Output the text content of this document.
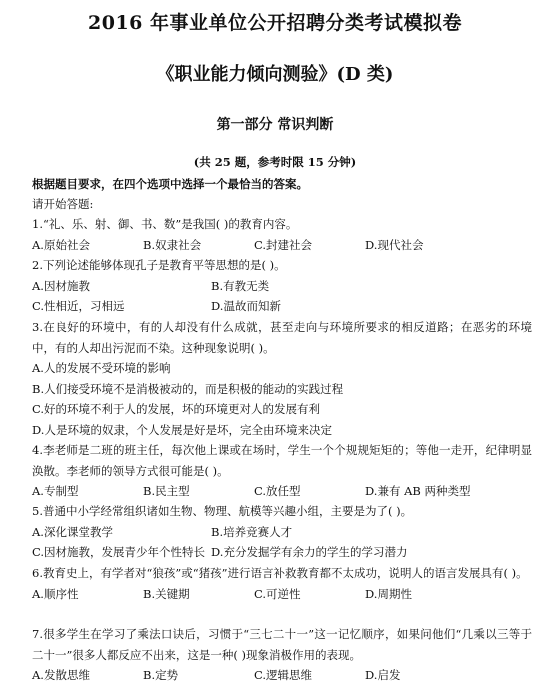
2016 年事业单位公开招聘分类考试模拟卷
《职业能力倾向测验》(D 类)
第一部分 常识判断
(共 25 题，参考时限 15 分钟)
根据题目要求，在四个选项中选择一个最恰当的答案。
请开始答题:

1.“礼、乐、射、御、书、数”是我国( )的教育内容。

A.原始社会	B.奴隶社会	C.封建社会	D.现代社会

2.下列论述能够体现孔子是教育平等思想的是( )。

A.因材施教	B.有教无类
C.性相近，习相远	D.温故而知新

3.在良好的环境中，有的人却没有什么成就，甚至走向与环境所要求的相反道路；在恶劣的环境中，有的人却出污泥而不染。这种现象说明( )。

A.人的发展不受环境的影响
B.人们接受环境不是消极被动的，而是积极的能动的实践过程
C.好的环境不利于人的发展，坏的环境更对人的发展有利
D.人是环境的奴隶，个人发展是好是坏，完全由环境来决定

4.李老师是二班的班主任，每次他上课或在场时，学生一个个规规矩矩的；等他一走开，纪律明显涣散。李老师的领导方式很可能是( )。

A.专制型	B.民主型	C.放任型	D.兼有 AB 两种类型

5.普通中小学经常组织诸如生物、物理、航模等兴趣小组，主要是为了( )。

A.深化课堂教学	B.培养竞赛人才
C.因材施教，发展青少年个性特长 D.充分发掘学有余力的学生的学习潜力

6.教育史上，有学者对“狼孩”或“猪孩”进行语言补救教育都不太成功，说明人的语言发展具有( )。

A.顺序性	B.关键期	C.可逆性	D.周期性

7.很多学生在学习了乘法口诀后，习惯于“三七二十一”这一记忆顺序，如果问他们“几乘以三等于二十一”很多人都反应不出来，这是一种( )现象消极作用的表现。

A.发散思维	B.定势	C.逻辑思维	D.启发
